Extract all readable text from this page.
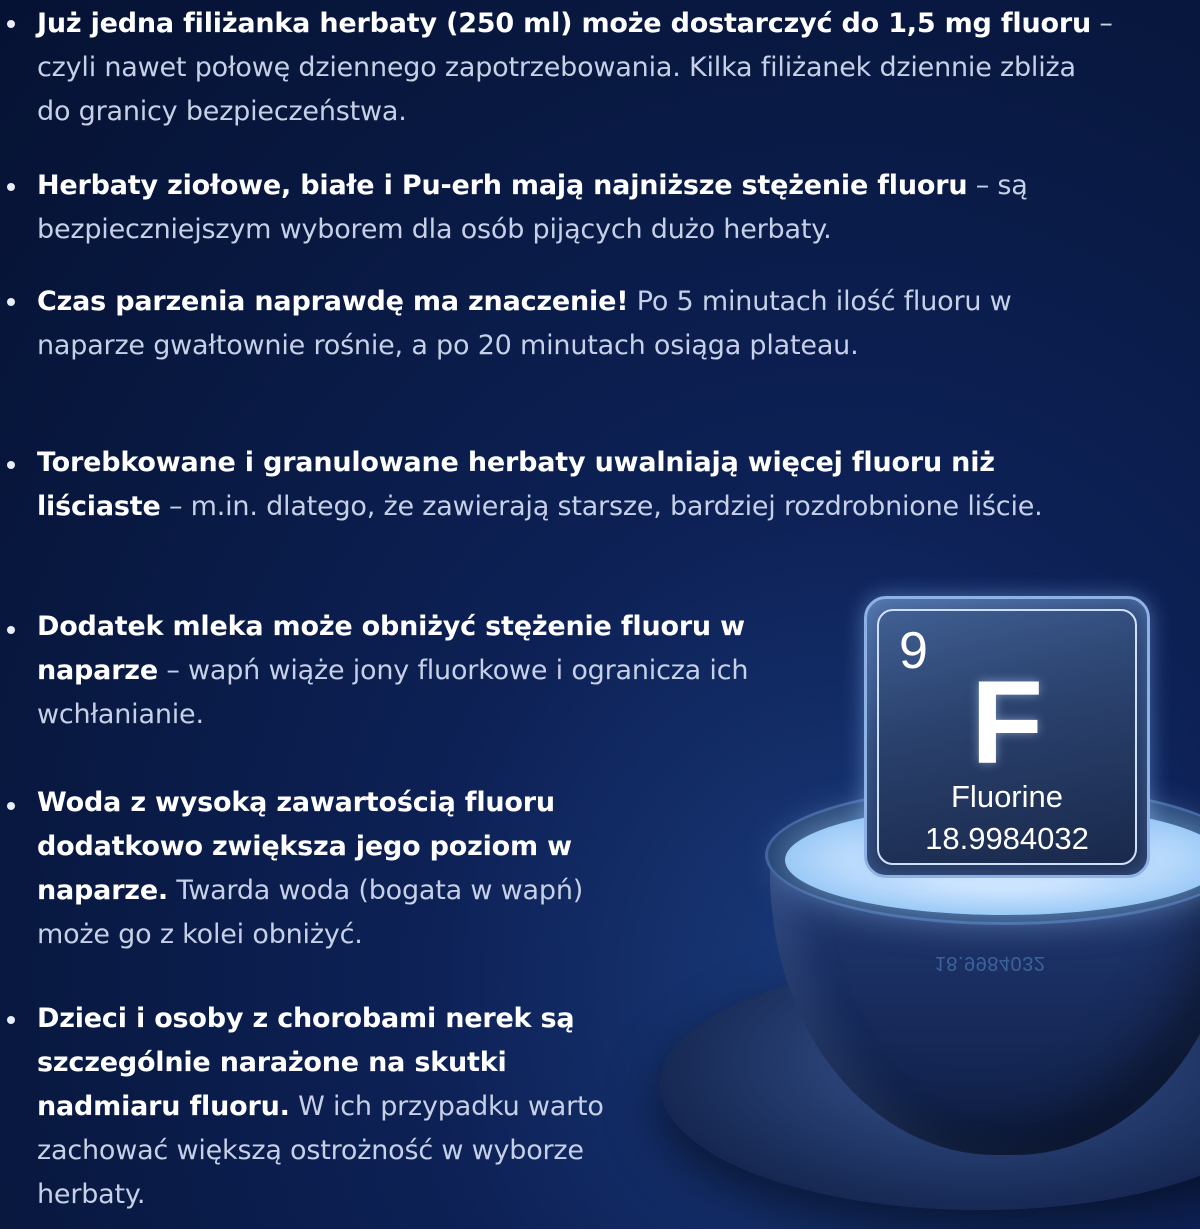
Już jedna filiżanka herbaty (250 ml) może dostarczyć do 1,5 mg fluoru – czyli nawet połowę dziennego zapotrzebowania. Kilka filiżanek dziennie zbliża do granicy bezpieczeństwa.
Herbaty ziołowe, białe i Pu-erh mają najniższe stężenie fluoru – są bezpieczniejszym wyborem dla osób pijących dużo herbaty.
Czas parzenia naprawdę ma znaczenie! Po 5 minutach ilość fluoru w naparze gwałtownie rośnie, a po 20 minutach osiąga plateau.
Torebkowane i granulowane herbaty uwalniają więcej fluoru niż liściaste – m.in. dlatego, że zawierają starsze, bardziej rozdrobnione liście.
Dodatek mleka może obniżyć stężenie fluoru w naparze – wapń wiąże jony fluorkowe i ogranicza ich wchłanianie.
Woda z wysoką zawartością fluoru dodatkowo zwiększa jego poziom w naparze. Twarda woda (bogata w wapń) może go z kolei obniżyć.
Dzieci i osoby z chorobami nerek są szczególnie narażone na skutki nadmiaru fluoru. W ich przypadku warto zachować większą ostrożność w wyborze herbaty.
18.9984032
9
F
Fluorine
18.9984032
